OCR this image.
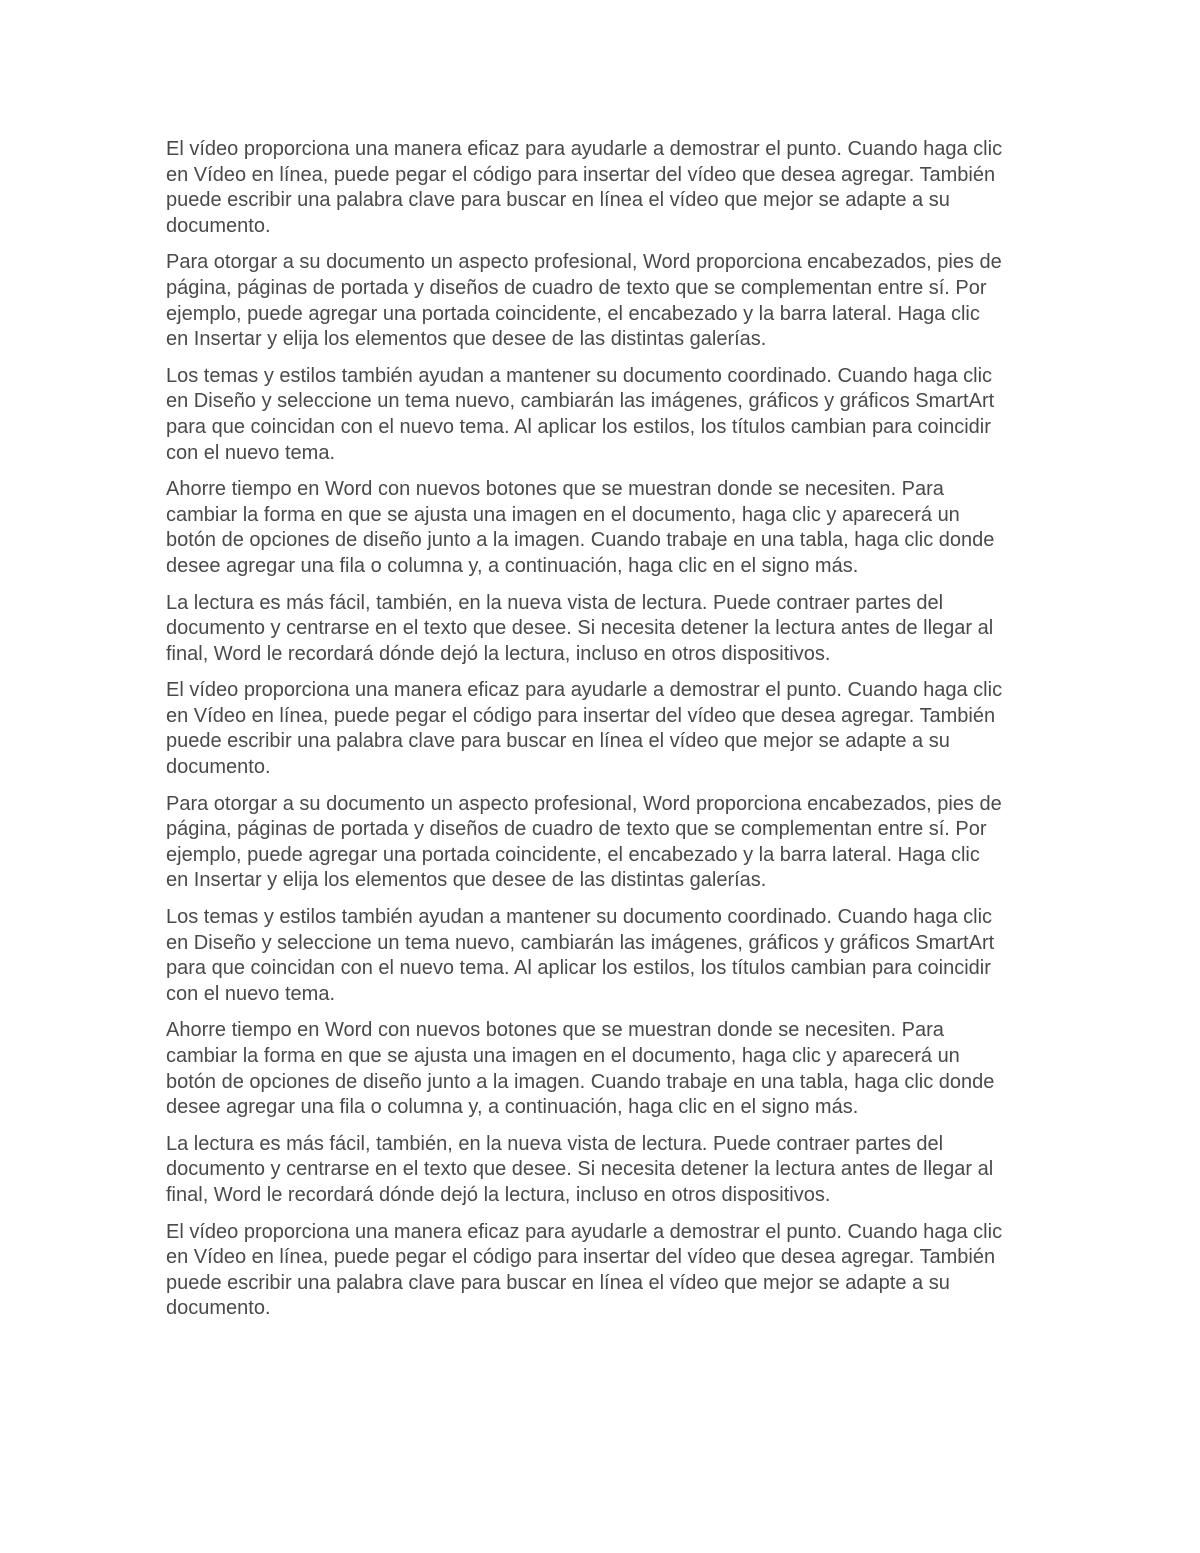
El vídeo proporciona una manera eficaz para ayudarle a demostrar el punto. Cuando haga clic
en Vídeo en línea, puede pegar el código para insertar del vídeo que desea agregar. También
puede escribir una palabra clave para buscar en línea el vídeo que mejor se adapte a su
documento.

Para otorgar a su documento un aspecto profesional, Word proporciona encabezados, pies de
página, páginas de portada y diseños de cuadro de texto que se complementan entre sí. Por
ejemplo, puede agregar una portada coincidente, el encabezado y la barra lateral. Haga clic
en Insertar y elija los elementos que desee de las distintas galerías.

Los temas y estilos también ayudan a mantener su documento coordinado. Cuando haga clic
en Diseño y seleccione un tema nuevo, cambiarán las imágenes, gráficos y gráficos SmartArt
para que coincidan con el nuevo tema. Al aplicar los estilos, los títulos cambian para coincidir
con el nuevo tema.

Ahorre tiempo en Word con nuevos botones que se muestran donde se necesiten. Para
cambiar la forma en que se ajusta una imagen en el documento, haga clic y aparecerá un
botón de opciones de diseño junto a la imagen. Cuando trabaje en una tabla, haga clic donde
desee agregar una fila o columna y, a continuación, haga clic en el signo más.

La lectura es más fácil, también, en la nueva vista de lectura. Puede contraer partes del
documento y centrarse en el texto que desee. Si necesita detener la lectura antes de llegar al
final, Word le recordará dónde dejó la lectura, incluso en otros dispositivos.

El vídeo proporciona una manera eficaz para ayudarle a demostrar el punto. Cuando haga clic
en Vídeo en línea, puede pegar el código para insertar del vídeo que desea agregar. También
puede escribir una palabra clave para buscar en línea el vídeo que mejor se adapte a su
documento.

Para otorgar a su documento un aspecto profesional, Word proporciona encabezados, pies de
página, páginas de portada y diseños de cuadro de texto que se complementan entre sí. Por
ejemplo, puede agregar una portada coincidente, el encabezado y la barra lateral. Haga clic
en Insertar y elija los elementos que desee de las distintas galerías.

Los temas y estilos también ayudan a mantener su documento coordinado. Cuando haga clic
en Diseño y seleccione un tema nuevo, cambiarán las imágenes, gráficos y gráficos SmartArt
para que coincidan con el nuevo tema. Al aplicar los estilos, los títulos cambian para coincidir
con el nuevo tema.

Ahorre tiempo en Word con nuevos botones que se muestran donde se necesiten. Para
cambiar la forma en que se ajusta una imagen en el documento, haga clic y aparecerá un
botón de opciones de diseño junto a la imagen. Cuando trabaje en una tabla, haga clic donde
desee agregar una fila o columna y, a continuación, haga clic en el signo más.

La lectura es más fácil, también, en la nueva vista de lectura. Puede contraer partes del
documento y centrarse en el texto que desee. Si necesita detener la lectura antes de llegar al
final, Word le recordará dónde dejó la lectura, incluso en otros dispositivos.

El vídeo proporciona una manera eficaz para ayudarle a demostrar el punto. Cuando haga clic
en Vídeo en línea, puede pegar el código para insertar del vídeo que desea agregar. También
puede escribir una palabra clave para buscar en línea el vídeo que mejor se adapte a su
documento.
